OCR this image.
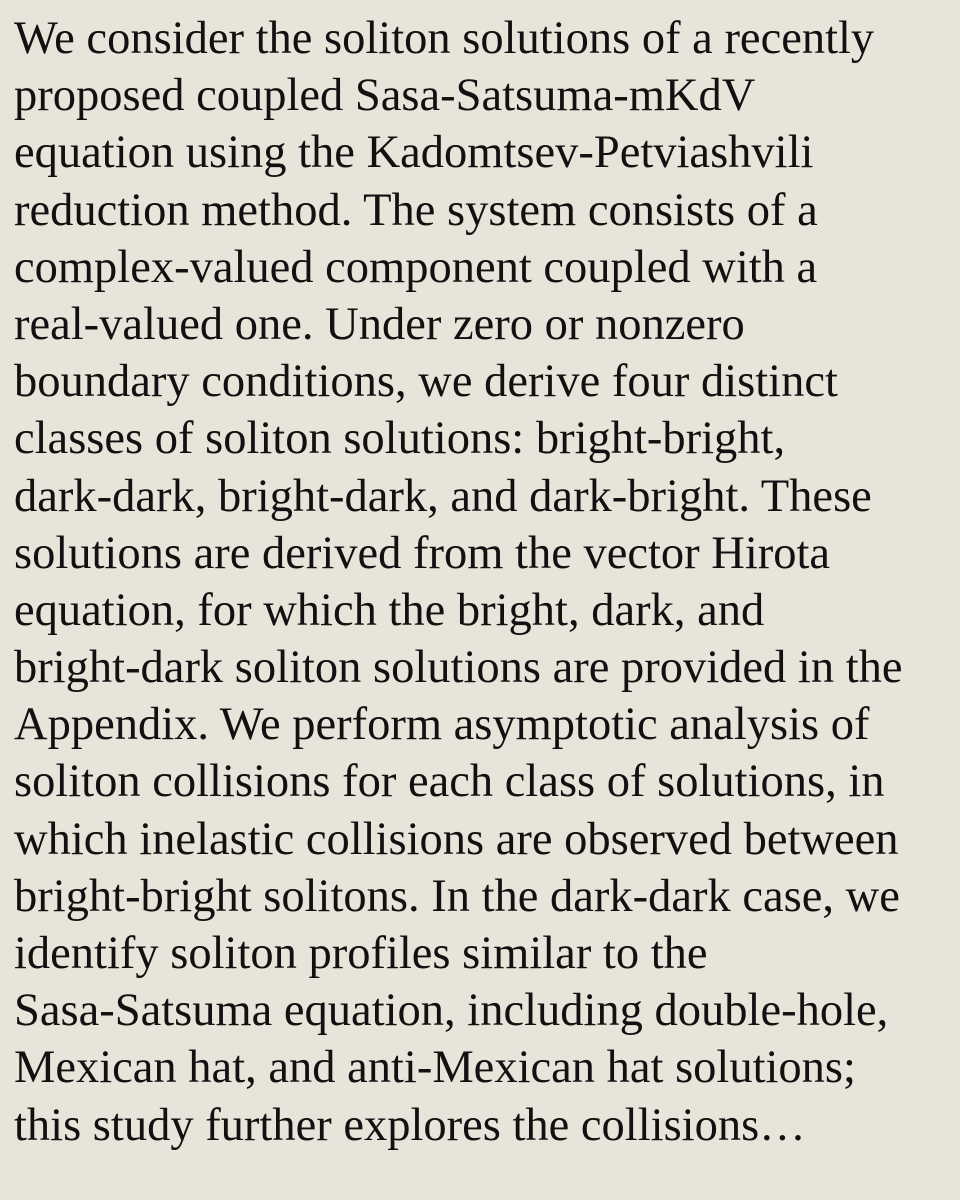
We consider the soliton solutions of a recently
proposed coupled Sasa-Satsuma-mKdV
equation using the Kadomtsev-Petviashvili
reduction method. The system consists of a
complex-valued component coupled with a
real-valued one. Under zero or nonzero
boundary conditions, we derive four distinct
classes of soliton solutions: bright-bright,
dark-dark, bright-dark, and dark-bright. These
solutions are derived from the vector Hirota
equation, for which the bright, dark, and
bright-dark soliton solutions are provided in the
Appendix. We perform asymptotic analysis of
soliton collisions for each class of solutions, in
which inelastic collisions are observed between
bright-bright solitons. In the dark-dark case, we
identify soliton profiles similar to the
Sasa-Satsuma equation, including double-hole,
Mexican hat, and anti-Mexican hat solutions;
this study further explores the collisions…
